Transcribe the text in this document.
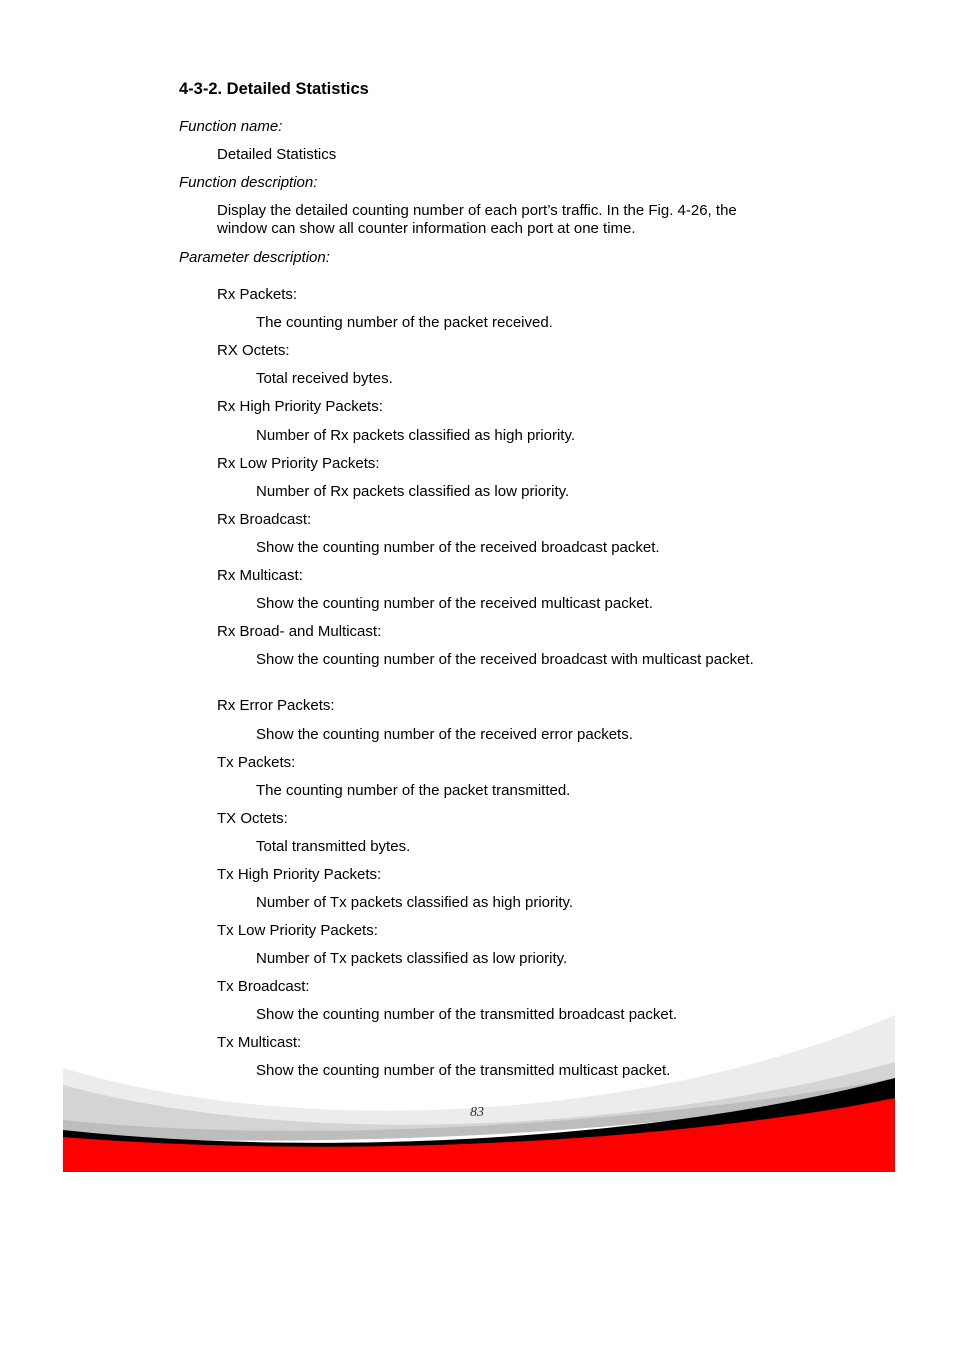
4-3-2. Detailed Statistics
Function name:
Detailed Statistics
Function description:
Display the detailed counting number of each port’s traffic. In the Fig. 4-26, the window can show all counter information each port at one time.
Parameter description:
Rx Packets:
The counting number of the packet received.
RX Octets:
Total received bytes.
Rx High Priority Packets:
Number of Rx packets classified as high priority.
Rx Low Priority Packets:
Number of Rx packets classified as low priority.
Rx Broadcast:
Show the counting number of the received broadcast packet.
Rx Multicast:
Show the counting number of the received multicast packet.
Rx Broad- and Multicast:
Show the counting number of the received broadcast with multicast packet.
Rx Error Packets:
Show the counting number of the received error packets.
Tx Packets:
The counting number of the packet transmitted.
TX Octets:
Total transmitted bytes.
Tx High Priority Packets:
Number of Tx packets classified as high priority.
Tx Low Priority Packets:
Number of Tx packets classified as low priority.
Tx Broadcast:
Show the counting number of the transmitted broadcast packet.
Tx Multicast:
Show the counting number of the transmitted multicast packet.
83
